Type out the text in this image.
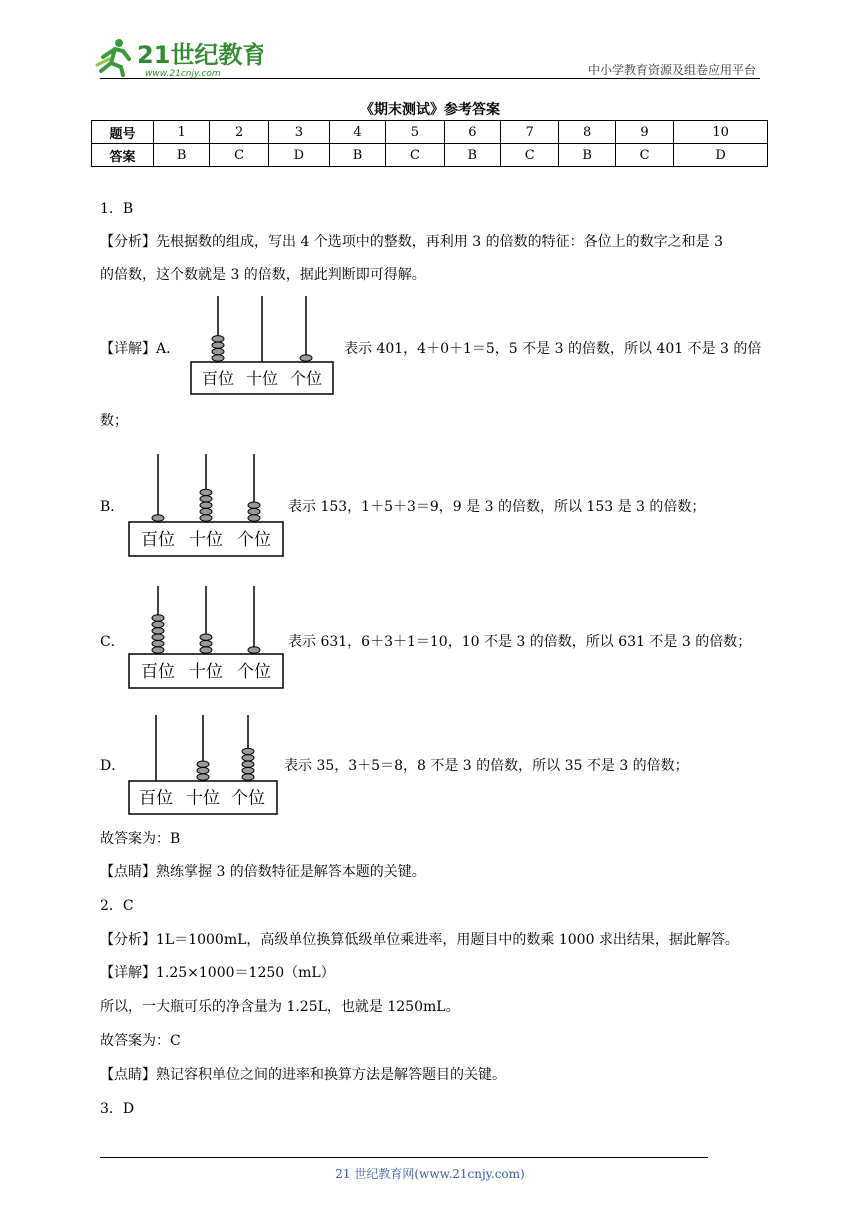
21世纪教育
www.21cnjy.com	中小学教育资源及组卷应用平台
《期末测试》参考答案
题号	1	2	3	4	5	6	7	8	9	10
答案	B	C	D	B	C	B	C	B	C	D
1．B
【分析】先根据数的组成，写出 4 个选项中的整数，再利用 3 的倍数的特征：各位上的数字之和是 3
的倍数，这个数就是 3 的倍数，据此判断即可得解。
【详解】A．
百位 十位 个位
表示 401，4＋0＋1＝5，5 不是 3 的倍数，所以 401 不是 3 的倍
数；
B．
百位 十位 个位
表示 153，1＋5＋3＝9，9 是 3 的倍数，所以 153 是 3 的倍数；
C．
百位 十位 个位
表示 631，6＋3＋1＝10，10 不是 3 的倍数，所以 631 不是 3 的倍数；
D．
百位 十位 个位
表示 35，3＋5＝8，8 不是 3 的倍数，所以 35 不是 3 的倍数；
故答案为：B
【点睛】熟练掌握 3 的倍数特征是解答本题的关键。
2．C
【分析】1L＝1000mL，高级单位换算低级单位乘进率，用题目中的数乘 1000 求出结果，据此解答。
【详解】1.25×1000＝1250（mL）
所以，一大瓶可乐的净含量为 1.25L，也就是 1250mL。
故答案为：C
【点睛】熟记容积单位之间的进率和换算方法是解答题目的关键。
3．D
21 世纪教育网(www.21cnjy.com)
